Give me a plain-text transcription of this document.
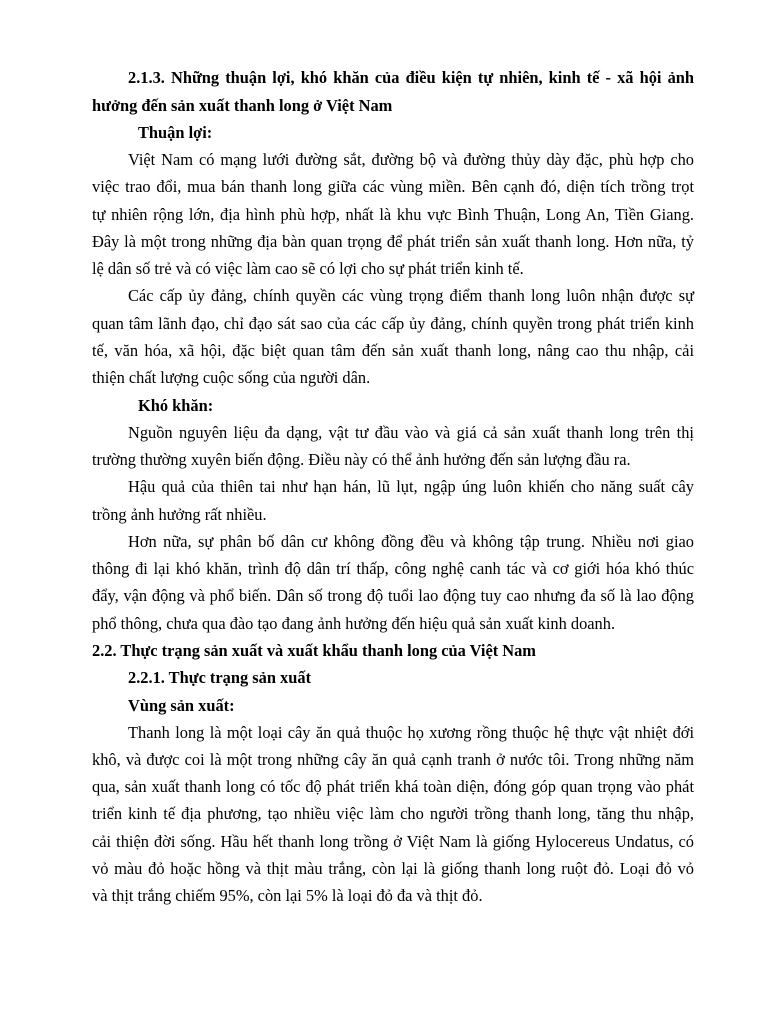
2.1.3. Những thuận lợi, khó khăn của điều kiện tự nhiên, kinh tế - xã hội ảnh
hưởng đến sản xuất thanh long ở Việt Nam
Thuận lợi:
Việt Nam có mạng lưới đường sắt, đường bộ và đường thủy dày đặc, phù hợp cho
việc trao đổi, mua bán thanh long giữa các vùng miền. Bên cạnh đó, diện tích trồng trọt
tự nhiên rộng lớn, địa hình phù hợp, nhất là khu vực Bình Thuận, Long An, Tiền Giang.
Đây là một trong những địa bàn quan trọng để phát triển sản xuất thanh long. Hơn nữa, tỷ
lệ dân số trẻ và có việc làm cao sẽ có lợi cho sự phát triển kinh tế.
Các cấp ủy đảng, chính quyền các vùng trọng điểm thanh long luôn nhận được sự
quan tâm lãnh đạo, chỉ đạo sát sao của các cấp ủy đảng, chính quyền trong phát triển kinh
tế, văn hóa, xã hội, đặc biệt quan tâm đến sản xuất thanh long, nâng cao thu nhập, cải
thiện chất lượng cuộc sống của người dân.
Khó khăn:
Nguồn nguyên liệu đa dạng, vật tư đầu vào và giá cả sản xuất thanh long trên thị
trường thường xuyên biến động. Điều này có thể ảnh hưởng đến sản lượng đầu ra.
Hậu quả của thiên tai như hạn hán, lũ lụt, ngập úng luôn khiến cho năng suất cây
trồng ảnh hưởng rất nhiều.
Hơn nữa, sự phân bố dân cư không đồng đều và không tập trung. Nhiều nơi giao
thông đi lại khó khăn, trình độ dân trí thấp, công nghệ canh tác và cơ giới hóa khó thúc
đẩy, vận động và phổ biến. Dân số trong độ tuổi lao động tuy cao nhưng đa số là lao động
phổ thông, chưa qua đào tạo đang ảnh hưởng đến hiệu quả sản xuất kinh doanh.
2.2. Thực trạng sản xuất và xuất khẩu thanh long của Việt Nam
2.2.1. Thực trạng sản xuất
Vùng sản xuất:
Thanh long là một loại cây ăn quả thuộc họ xương rồng thuộc hệ thực vật nhiệt đới
khô, và được coi là một trong những cây ăn quả cạnh tranh ở nước tôi. Trong những năm
qua, sản xuất thanh long có tốc độ phát triển khá toàn diện, đóng góp quan trọng vào phát
triển kinh tế địa phương, tạo nhiều việc làm cho người trồng thanh long, tăng thu nhập,
cải thiện đời sống. Hầu hết thanh long trồng ở Việt Nam là giống Hylocereus Undatus, có
vỏ màu đỏ hoặc hồng và thịt màu trắng, còn lại là giống thanh long ruột đỏ. Loại đỏ vỏ
và thịt trắng chiếm 95%, còn lại 5% là loại đỏ đa và thịt đỏ.
